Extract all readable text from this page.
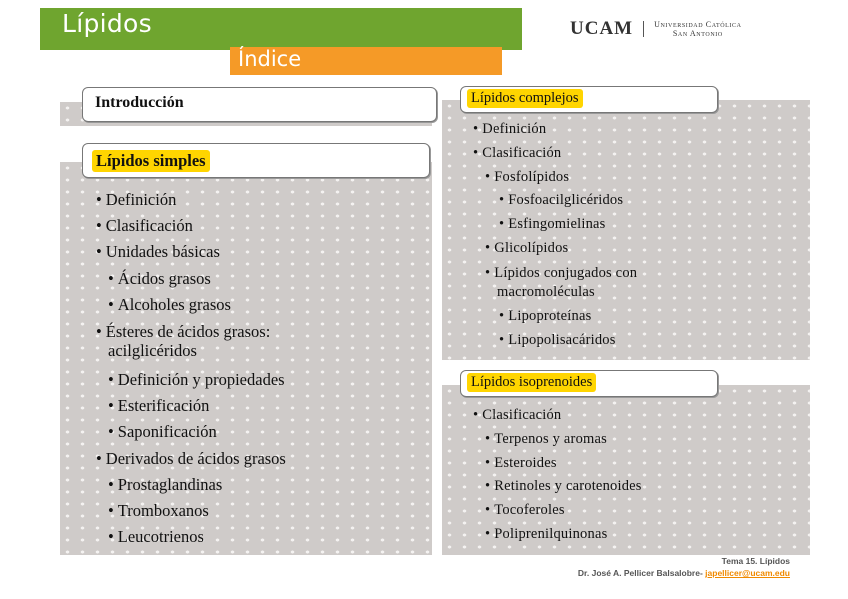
Lípidos
Índice
UCAM	Universidad Católica
San Antonio
Introducción
Lípidos simples
• Definición
• Clasificación
• Unidades básicas
• Ácidos grasos
• Alcoholes grasos
• Ésteres de ácidos grasos: acilglicéridos
• Definición y propiedades
• Esterificación
• Saponificación
• Derivados de ácidos grasos
• Prostaglandinas
• Tromboxanos
• Leucotrienos
Lípidos complejos
• Definición
• Clasificación
• Fosfolípidos
• Fosfoacilglicéridos
• Esfingomielinas
• Glicolípidos
• Lípidos conjugados con macromoléculas
• Lipoproteínas
• Lipopolisacáridos
Lípidos isoprenoides
• Clasificación
• Terpenos y aromas
• Esteroides
• Retinoles y carotenoides
• Tocoferoles
• Poliprenilquinonas
Tema 15. Lípidos
Dr. José A. Pellicer Balsalobre- japellicer@ucam.edu
